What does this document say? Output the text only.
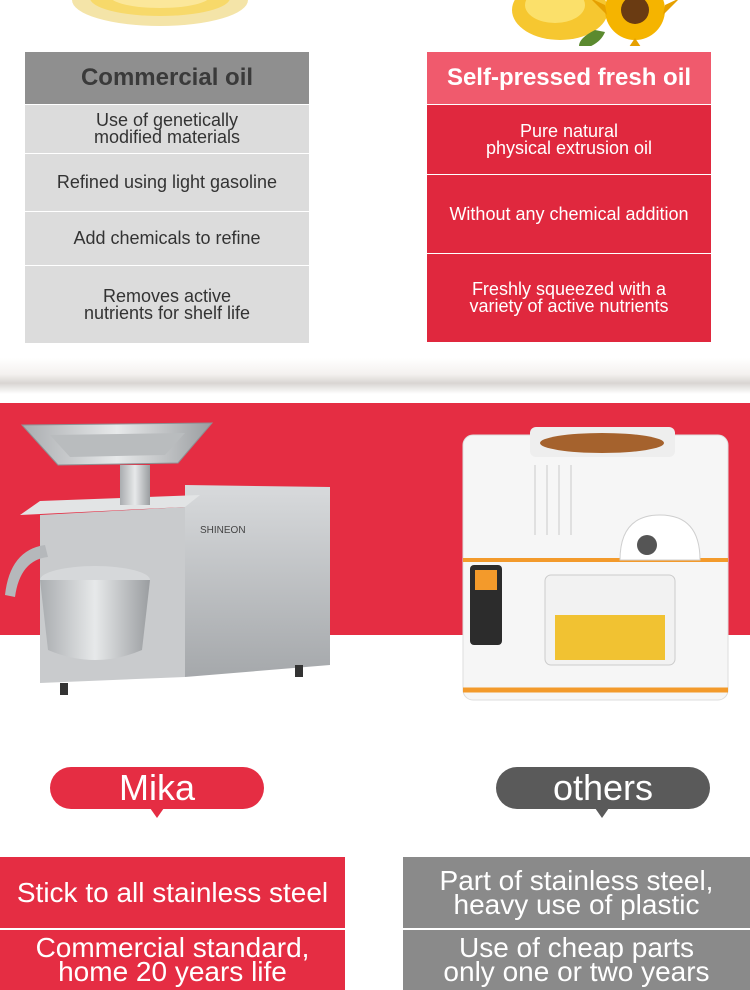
Commercial oil
Use of genetically
modified materials
Refined using light gasoline
Add chemicals to refine
Removes active
nutrients for shelf life
Self-pressed fresh oil
Pure natural
physical extrusion oil
Without any chemical addition
Freshly squeezed with a
variety of active nutrients
SHINEON
Mika	others
Stick to all stainless steel
Commercial standard,
home 20 years life
Part of stainless steel,
heavy use of plastic
Use of cheap parts
only one or two years
